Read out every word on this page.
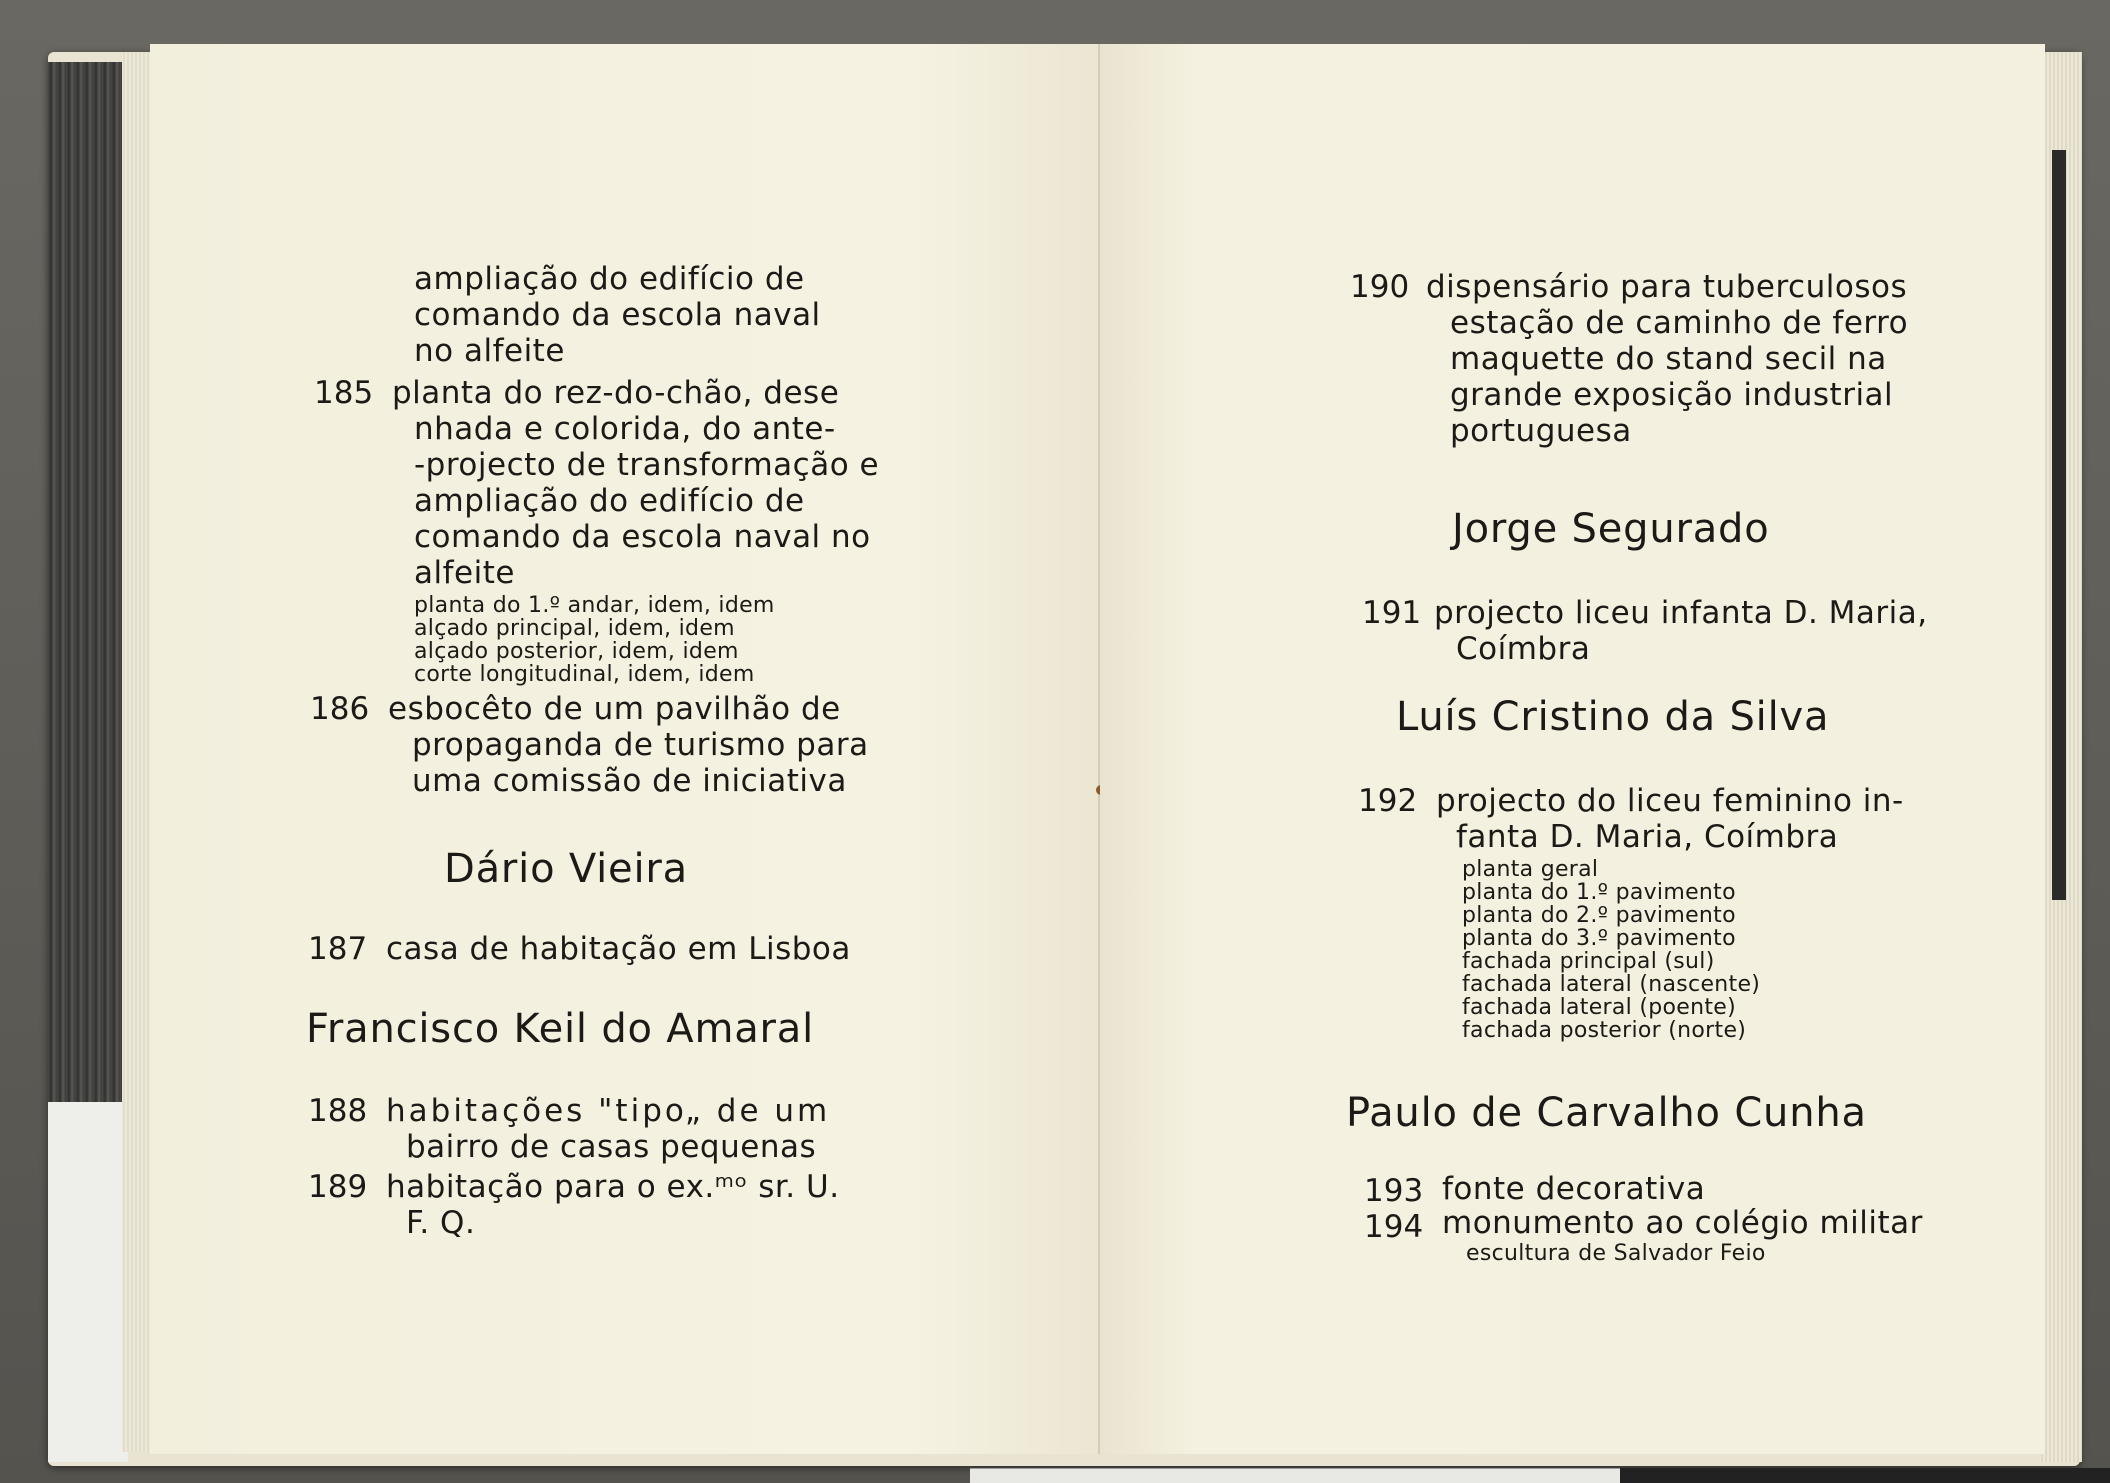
ampliação do edifício de

comando da escola naval

no alfeite

185 planta do rez-do-chão, dese

nhada e colorida, do ante-

-projecto de transformação e

ampliação do edifício de

comando da escola naval no

alfeite

planta do 1.º andar, idem, idem

alçado principal, idem, idem

alçado posterior, idem, idem

corte longitudinal, idem, idem

186 esbocêto de um pavilhão de

propaganda de turismo para

uma comissão de iniciativa

Dário Vieira

187 casa de habitação em Lisboa

Francisco Keil do Amaral

188 habitações "tipo„ de um

bairro de casas pequenas

189 habitação para o ex.ᵐᵒ sr. U.

F. Q.

190 dispensário para tuberculosos

estação de caminho de ferro

maquette do stand secil na

grande exposição industrial

portuguesa

Jorge Segurado

191 projecto liceu infanta D. Maria,

Coímbra

Luís Cristino da Silva

192 projecto do liceu feminino in-

fanta D. Maria, Coímbra

planta geral

planta do 1.º pavimento

planta do 2.º pavimento

planta do 3.º pavimento

fachada principal (sul)

fachada lateral (nascente)

fachada lateral (poente)

fachada posterior (norte)

Paulo de Carvalho Cunha

193 fonte decorativa

194 monumento ao colégio militar

escultura de Salvador Feio
